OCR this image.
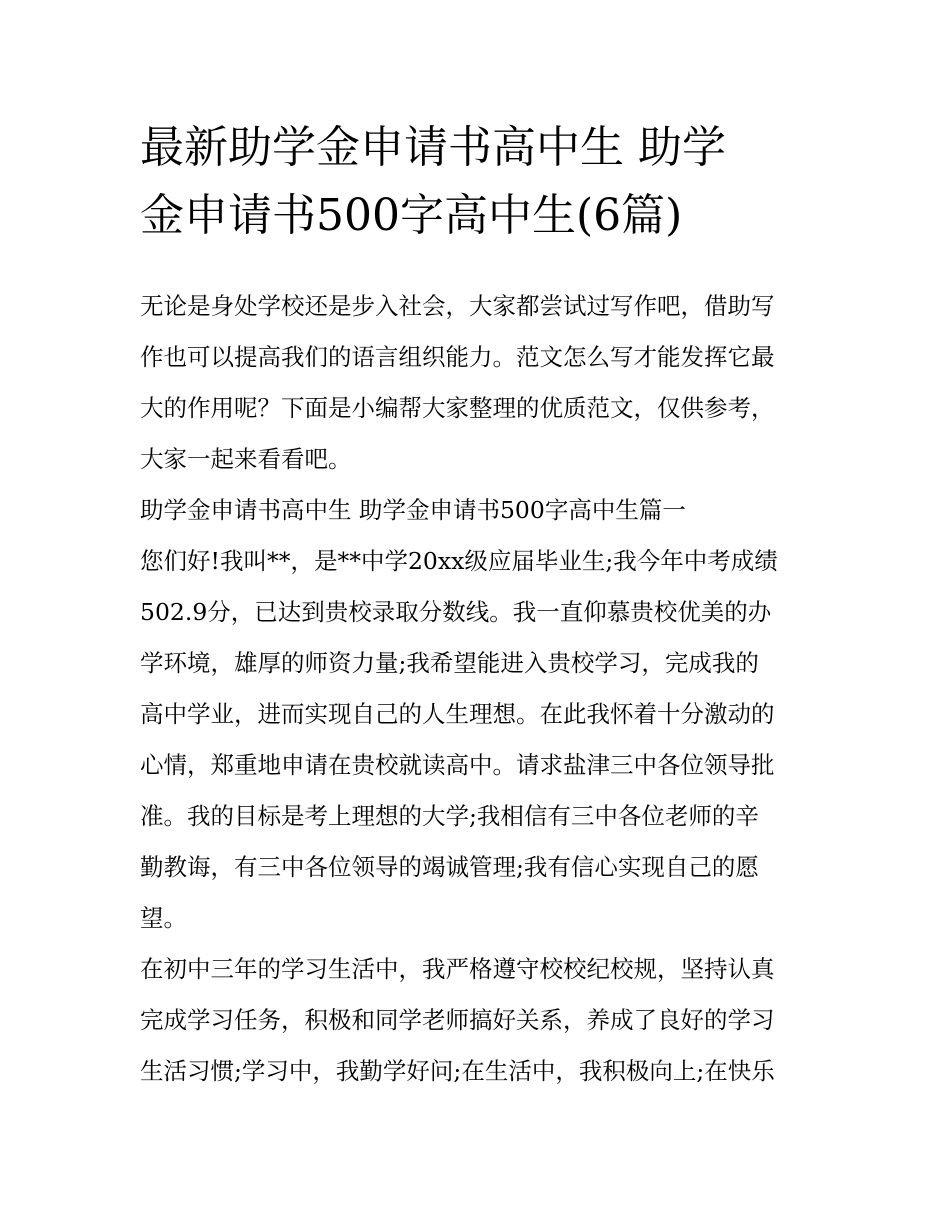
最新助学金申请书高中生 助学
金申请书500字高中生(6篇)
无论是身处学校还是步入社会，大家都尝试过写作吧，借助写
作也可以提高我们的语言组织能力。范文怎么写才能发挥它最
大的作用呢？下面是小编帮大家整理的优质范文，仅供参考，
大家一起来看看吧。
助学金申请书高中生 助学金申请书500字高中生篇一
您们好!我叫**，是**中学20xx级应届毕业生;我今年中考成绩
502.9分，已达到贵校录取分数线。我一直仰慕贵校优美的办
学环境，雄厚的师资力量;我希望能进入贵校学习，完成我的
高中学业，进而实现自己的人生理想。在此我怀着十分激动的
心情，郑重地申请在贵校就读高中。请求盐津三中各位领导批
准。我的目标是考上理想的大学;我相信有三中各位老师的辛
勤教诲，有三中各位领导的竭诚管理;我有信心实现自己的愿
望。
在初中三年的学习生活中，我严格遵守校校纪校规，坚持认真
完成学习任务，积极和同学老师搞好关系，养成了良好的学习
生活习惯;学习中，我勤学好问;在生活中，我积极向上;在快乐
